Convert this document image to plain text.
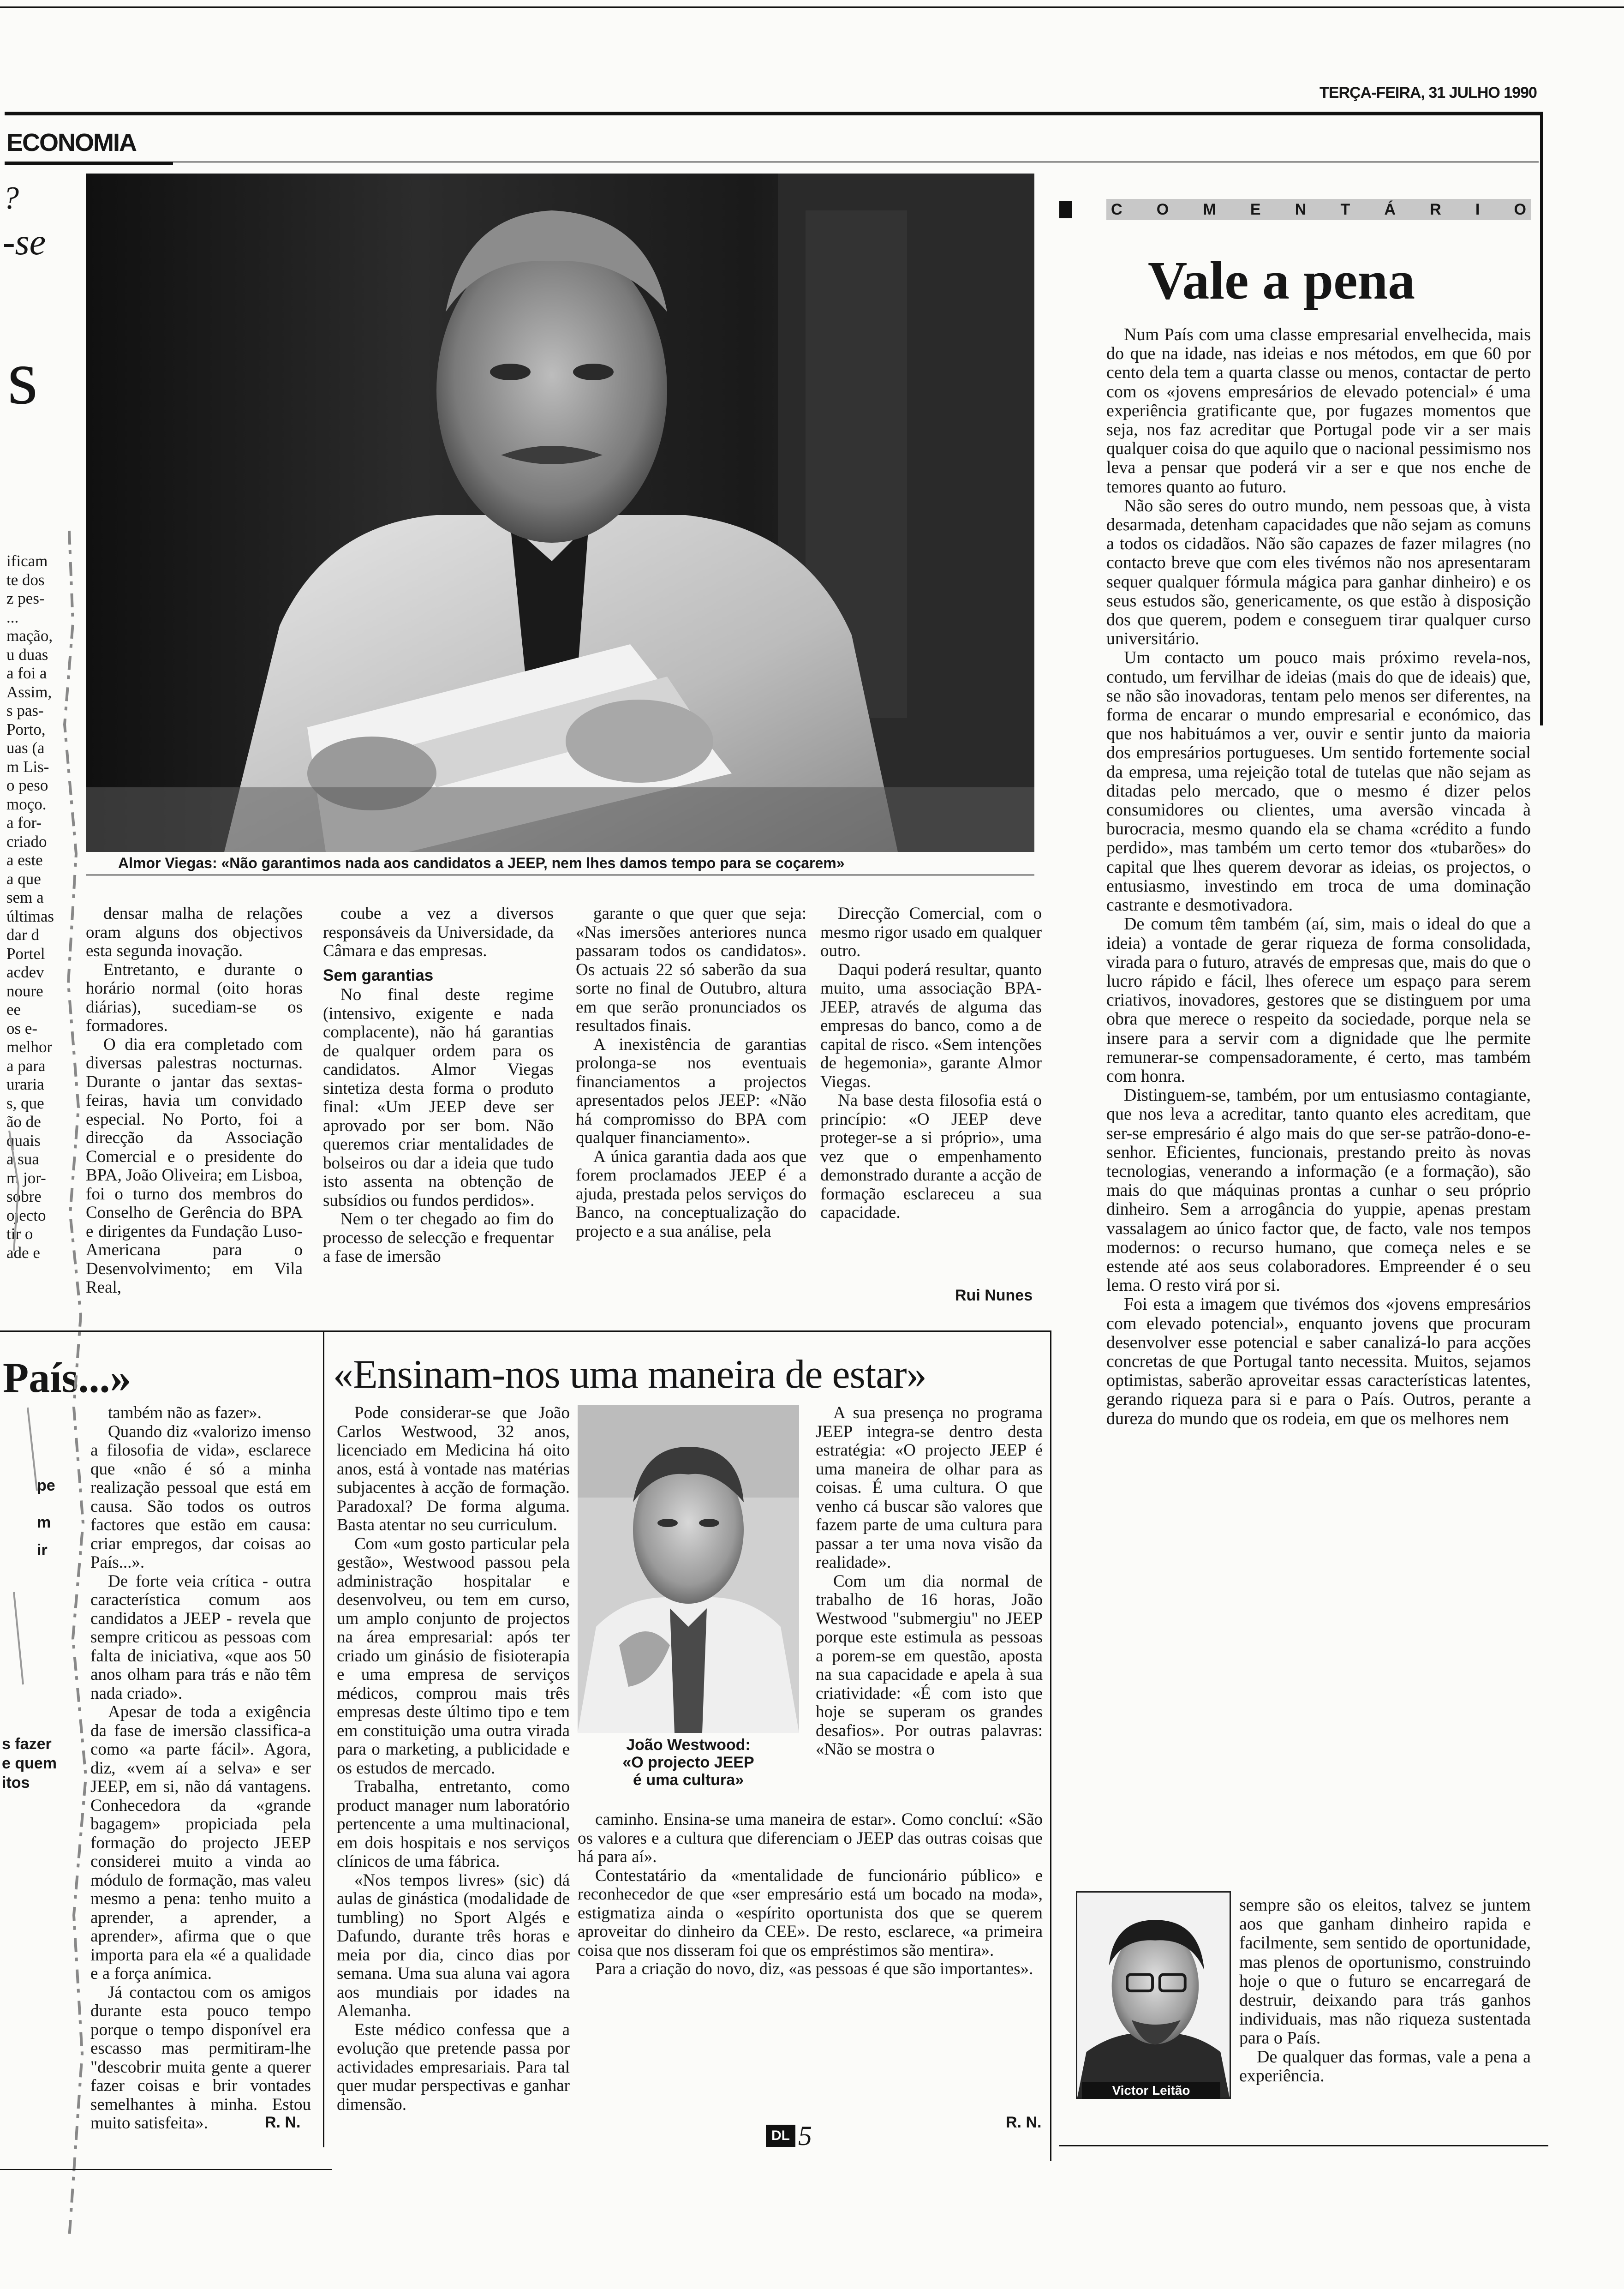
TERÇA-FEIRA, 31 JULHO 1990
ECONOMIA
?
-se
s
ificam
te dos
z pes-
...
mação,
u duas
a foi a
Assim,
s pas-
Porto,
uas (a
m Lis-
o peso
moço.
a for-
criado
a este
a que
sem a
últimas
dar d
Portel
acdev
noure
ee
os e-
melhor
a para
uraria
s, que
ão de
quais
a sua
m jor-
sobre
ojecto
tir o
ade e
País...»
pe
m
ir
s fazer
e quem
itos
Almor Viegas: «Não garantimos nada aos candidatos a JEEP, nem lhes damos tempo para se coçarem»

densar malha de relações oram alguns dos objectivos esta segunda inovação.

Entretanto, e durante o horário normal (oito horas diárias), sucediam-se os formadores.

O dia era completado com diversas palestras nocturnas. Durante o jantar das sextas-feiras, havia um convidado especial. No Porto, foi a direcção da Associação Comercial e o presidente do BPA, João Oliveira; em Lisboa, foi o turno dos membros do Conselho de Gerência do BPA e dirigentes da Fundação Luso-Americana para o Desenvolvimento; em Vila Real,

coube a vez a diversos responsáveis da Universidade, da Câmara e das empresas.

Sem garantias

No final deste regime (intensivo, exigente e nada complacente), não há garantias de qualquer ordem para os candidatos. Almor Viegas sintetiza desta forma o produto final: «Um JEEP deve ser aprovado por ser bom. Não queremos criar mentalidades de bolseiros ou dar a ideia que tudo isto assenta na obtenção de subsídios ou fundos perdidos».

Nem o ter chegado ao fim do processo de selecção e frequentar a fase de imersão

garante o que quer que seja: «Nas imersões anteriores nunca passaram todos os candidatos». Os actuais 22 só saberão da sua sorte no final de Outubro, altura em que serão pronunciados os resultados finais.

A inexistência de garantias prolonga-se nos eventuais financiamentos a projectos apresentados pelos JEEP: «Não há compromisso do BPA com qualquer financiamento».

A única garantia dada aos que forem proclamados JEEP é a ajuda, prestada pelos serviços do Banco, na conceptualização do projecto e a sua análise, pela

Direcção Comercial, com o mesmo rigor usado em qualquer outro.

Daqui poderá resultar, quanto muito, uma associação BPA-JEEP, através de alguma das empresas do banco, como a de capital de risco. «Sem intenções de hegemonia», garante Almor Viegas.

Na base desta filosofia está o princípio: «O JEEP deve proteger-se a si próprio», uma vez que o empenhamento demonstrado durante a acção de formação esclareceu a sua capacidade.

Rui Nunes

também não as fazer».

Quando diz «valorizo imenso a filosofia de vida», esclarece que «não é só a minha realização pessoal que está em causa. São todos os outros factores que estão em causa: criar empregos, dar coisas ao País...».

De forte veia crítica - outra característica comum aos candidatos a JEEP - revela que sempre criticou as pessoas com falta de iniciativa, «que aos 50 anos olham para trás e não têm nada criado».

Apesar de toda a exigência da fase de imersão classifica-a como «a parte fácil». Agora, diz, «vem aí a selva» e ser JEEP, em si, não dá vantagens. Conhecedora da «grande bagagem» propiciada pela formação do projecto JEEP considerei muito a vinda ao módulo de formação, mas valeu mesmo a pena: tenho muito a aprender, a aprender, a aprender», afirma que o que importa para ela «é a qualidade e a força anímica.

Já contactou com os amigos durante esta pouco tempo porque o tempo disponível era escasso mas permitiram-lhe "descobrir muita gente a querer fazer coisas e brir vontades semelhantes à minha. Estou muito satisfeita».	R. N.
«Ensinam-nos uma maneira de estar»

Pode considerar-se que João Carlos Westwood, 32 anos, licenciado em Medicina há oito anos, está à vontade nas matérias subjacentes à acção de formação. Paradoxal? De forma alguma. Basta atentar no seu curriculum.

Com «um gosto particular pela gestão», Westwood passou pela administração hospitalar e desenvolveu, ou tem em curso, um amplo conjunto de projectos na área empresarial: após ter criado um ginásio de fisioterapia e uma empresa de serviços médicos, comprou mais três empresas deste último tipo e tem em constituição uma outra virada para o marketing, a publicidade e os estudos de mercado.

Trabalha, entretanto, como product manager num laboratório pertencente a uma multinacional, em dois hospitais e nos serviços clínicos de uma fábrica.

«Nos tempos livres» (sic) dá aulas de ginástica (modalidade de tumbling) no Sport Algés e Dafundo, durante três horas e meia por dia, cinco dias por semana. Uma sua aluna vai agora aos mundiais por idades na Alemanha.

Este médico confessa que a evolução que pretende passa por actividades empresariais. Para tal quer mudar perspectivas e ganhar dimensão.

João Westwood:
«O projecto JEEP
é uma cultura»

A sua presença no programa JEEP integra-se dentro desta estratégia: «O projecto JEEP é uma maneira de olhar para as coisas. É uma cultura. O que venho cá buscar são valores que fazem parte de uma cultura para passar a ter uma nova visão da realidade».

Com um dia normal de trabalho de 16 horas, João Westwood "submergiu" no JEEP porque este estimula as pessoas a porem-se em questão, aposta na sua capacidade e apela à sua criatividade: «É com isto que hoje se superam os grandes desafios». Por outras palavras: «Não se mostra o

caminho. Ensina-se uma maneira de estar». Como concluí: «São os valores e a cultura que diferenciam o JEEP das outras coisas que há para aí».

Contestatário da «mentalidade de funcionário público» e reconhecedor de que «ser empresário está um bocado na moda», estigmatiza ainda o «espírito oportunista dos que se querem aproveitar do dinheiro da CEE». De resto, esclarece, «a primeira coisa que nos disseram foi que os empréstimos são mentira».

Para a criação do novo, diz, «as pessoas é que são importantes».

R. N.
C O M E N T Á R I O
Vale a pena

Num País com uma classe empresarial envelhecida, mais do que na idade, nas ideias e nos métodos, em que 60 por cento dela tem a quarta classe ou menos, contactar de perto com os «jovens empresários de elevado potencial» é uma experiência gratificante que, por fugazes momentos que seja, nos faz acreditar que Portugal pode vir a ser mais qualquer coisa do que aquilo que o nacional pessimismo nos leva a pensar que poderá vir a ser e que nos enche de temores quanto ao futuro.

Não são seres do outro mundo, nem pessoas que, à vista desarmada, detenham capacidades que não sejam as comuns a todos os cidadãos. Não são capazes de fazer milagres (no contacto breve que com eles tivémos não nos apresentaram sequer qualquer fórmula mágica para ganhar dinheiro) e os seus estudos são, genericamente, os que estão à disposição dos que querem, podem e conseguem tirar qualquer curso universitário.

Um contacto um pouco mais próximo revela-nos, contudo, um fervilhar de ideias (mais do que de ideais) que, se não são inovadoras, tentam pelo menos ser diferentes, na forma de encarar o mundo empresarial e económico, das que nos habituámos a ver, ouvir e sentir junto da maioria dos empresários portugueses. Um sentido fortemente social da empresa, uma rejeição total de tutelas que não sejam as ditadas pelo mercado, que o mesmo é dizer pelos consumidores ou clientes, uma aversão vincada à burocracia, mesmo quando ela se chama «crédito a fundo perdido», mas também um certo temor dos «tubarões» do capital que lhes querem devorar as ideias, os projectos, o entusiasmo, investindo em troca de uma dominação castrante e desmotivadora.

De comum têm também (aí, sim, mais o ideal do que a ideia) a vontade de gerar riqueza de forma consolidada, virada para o futuro, através de empresas que, mais do que o lucro rápido e fácil, lhes oferece um espaço para serem criativos, inovadores, gestores que se distinguem por uma obra que merece o respeito da sociedade, porque nela se insere para a servir com a dignidade que lhe permite remunerar-se compensadoramente, é certo, mas também com honra.

Distinguem-se, também, por um entusiasmo contagiante, que nos leva a acreditar, tanto quanto eles acreditam, que ser-se empresário é algo mais do que ser-se patrão-dono-e-senhor. Eficientes, funcionais, prestando preito às novas tecnologias, venerando a informação (e a formação), são mais do que máquinas prontas a cunhar o seu próprio dinheiro. Sem a arrogância do yuppie, apenas prestam vassalagem ao único factor que, de facto, vale nos tempos modernos: o recurso humano, que começa neles e se estende até aos seus colaboradores. Empreender é o seu lema. O resto virá por si.

Foi esta a imagem que tivémos dos «jovens empresários com elevado potencial», enquanto jovens que procuram desenvolver esse potencial e saber canalizá-lo para acções concretas de que Portugal tanto necessita. Muitos, sejamos optimistas, saberão aproveitar essas características latentes, gerando riqueza para si e para o País. Outros, perante a dureza do mundo que os rodeia, em que os melhores nem

sempre são os eleitos, talvez se juntem aos que ganham dinheiro rapida e facilmente, sem sentido de oportunidade, mas plenos de oportunismo, construindo hoje o que o futuro se encarregará de destruir, deixando para trás ganhos individuais, mas não riqueza sustentada para o País.

De qualquer das formas, vale a pena a experiência.

Victor Leitão
DL 5
